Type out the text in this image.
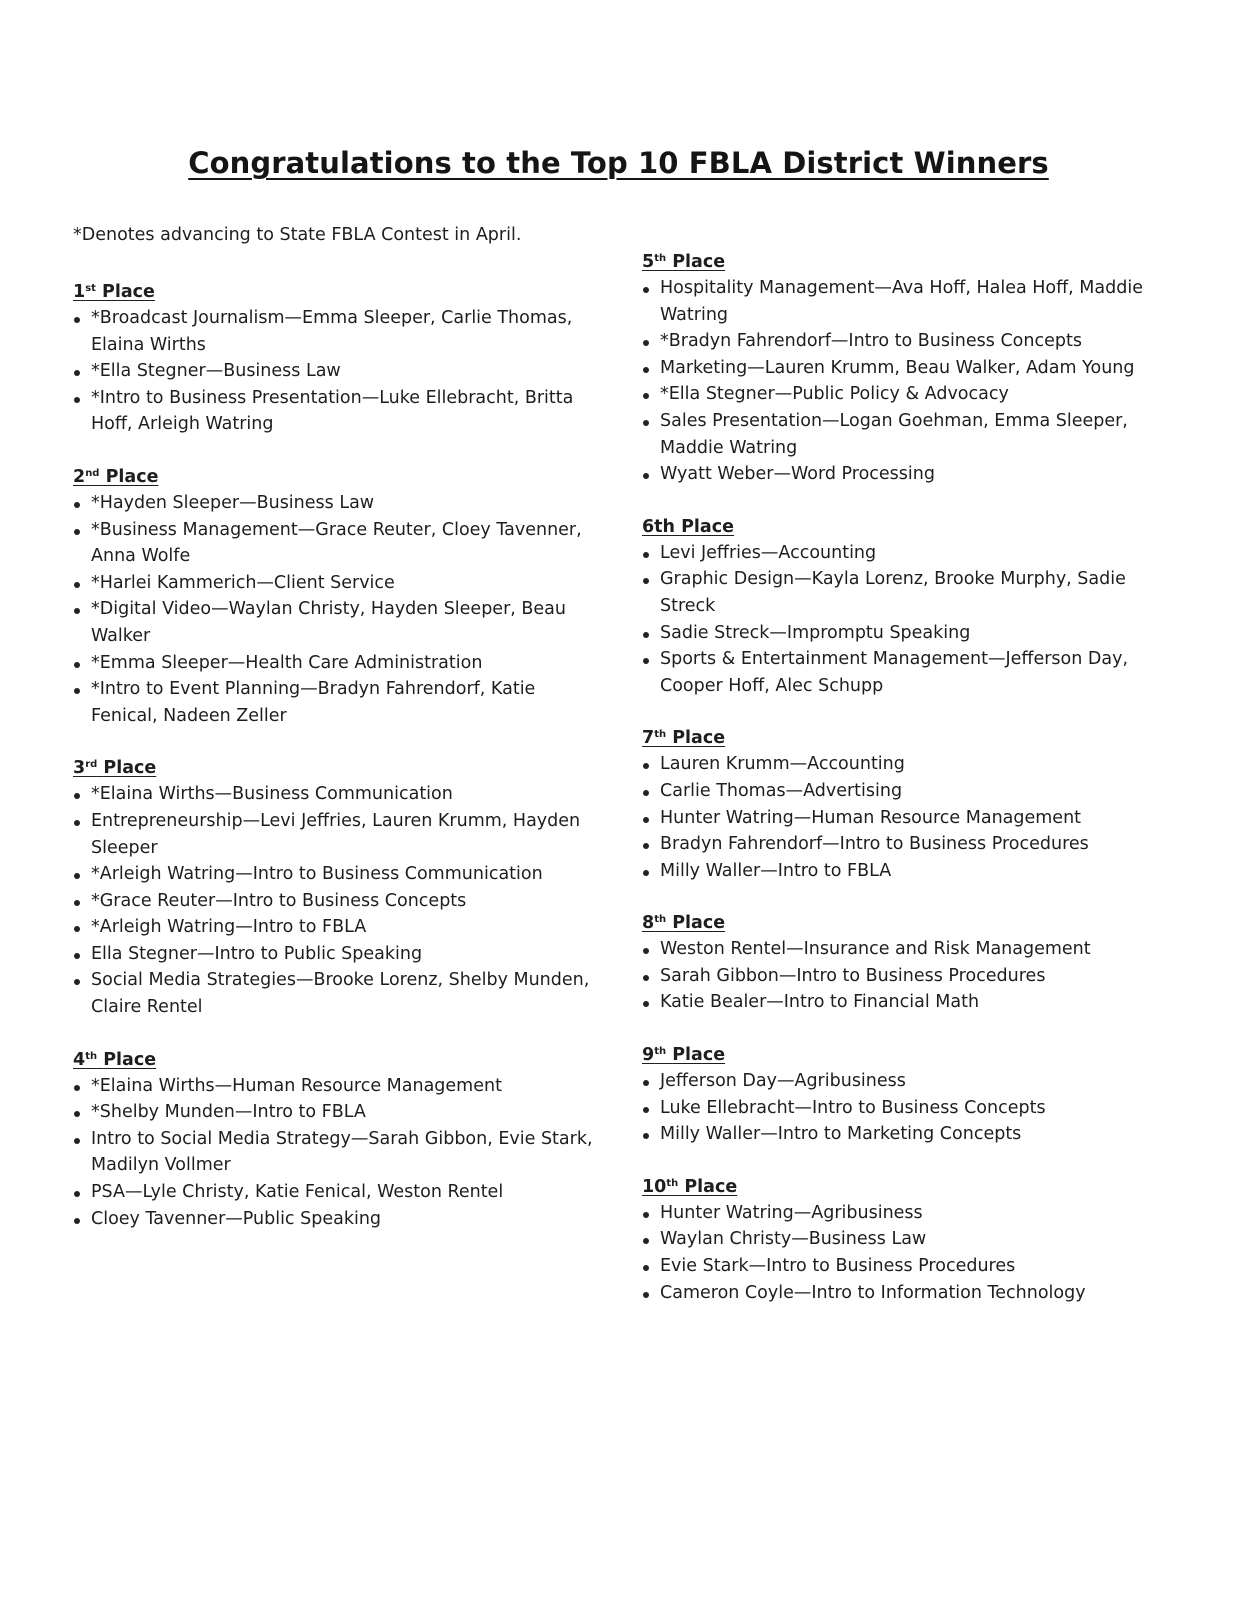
Congratulations to the Top 10 FBLA District Winners

*Denotes advancing to State FBLA Contest in April.

1st Place
*Broadcast Journalism—Emma Sleeper, Carlie Thomas, Elaina Wirths
*Ella Stegner—Business Law
*Intro to Business Presentation—Luke Ellebracht, Britta Hoff, Arleigh Watring
2nd Place
*Hayden Sleeper—Business Law
*Business Management—Grace Reuter, Cloey Tavenner, Anna Wolfe
*Harlei Kammerich—Client Service
*Digital Video—Waylan Christy, Hayden Sleeper, Beau Walker
*Emma Sleeper—Health Care Administration
*Intro to Event Planning—Bradyn Fahrendorf, Katie Fenical, Nadeen Zeller
3rd Place
*Elaina Wirths—Business Communication
Entrepreneurship—Levi Jeffries, Lauren Krumm, Hayden Sleeper
*Arleigh Watring—Intro to Business Communication
*Grace Reuter—Intro to Business Concepts
*Arleigh Watring—Intro to FBLA
Ella Stegner—Intro to Public Speaking
Social Media Strategies—Brooke Lorenz, Shelby Munden, Claire Rentel
4th Place
*Elaina Wirths—Human Resource Management
*Shelby Munden—Intro to FBLA
Intro to Social Media Strategy—Sarah Gibbon, Evie Stark, Madilyn Vollmer
PSA—Lyle Christy, Katie Fenical, Weston Rentel
Cloey Tavenner—Public Speaking
5th Place
Hospitality Management—Ava Hoff, Halea Hoff, Maddie Watring
*Bradyn Fahrendorf—Intro to Business Concepts
Marketing—Lauren Krumm, Beau Walker, Adam Young
*Ella Stegner—Public Policy & Advocacy
Sales Presentation—Logan Goehman, Emma Sleeper, Maddie Watring
Wyatt Weber—Word Processing
6th Place
Levi Jeffries—Accounting
Graphic Design—Kayla Lorenz, Brooke Murphy, Sadie Streck
Sadie Streck—Impromptu Speaking
Sports & Entertainment Management—Jefferson Day, Cooper Hoff, Alec Schupp
7th Place
Lauren Krumm—Accounting
Carlie Thomas—Advertising
Hunter Watring—Human Resource Management
Bradyn Fahrendorf—Intro to Business Procedures
Milly Waller—Intro to FBLA
8th Place
Weston Rentel—Insurance and Risk Management
Sarah Gibbon—Intro to Business Procedures
Katie Bealer—Intro to Financial Math
9th Place
Jefferson Day—Agribusiness
Luke Ellebracht—Intro to Business Concepts
Milly Waller—Intro to Marketing Concepts
10th Place
Hunter Watring—Agribusiness
Waylan Christy—Business Law
Evie Stark—Intro to Business Procedures
Cameron Coyle—Intro to Information Technology
